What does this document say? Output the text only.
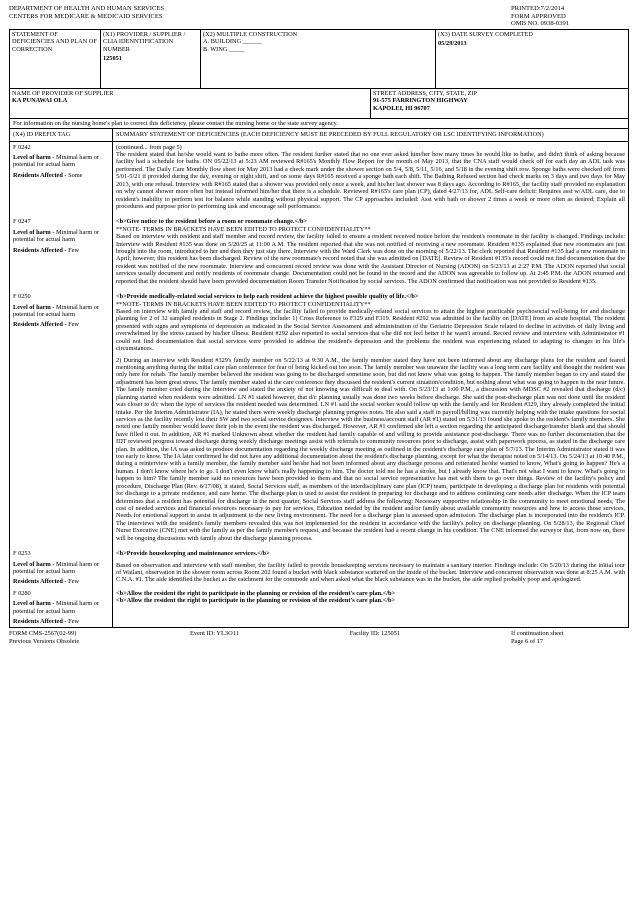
DEPARTMENT OF HEALTH AND HUMAN SERVICES
CENTERS FOR MEDICARE & MEDICAID SERVICES
PRINTED:7/2/2014
FORM APPROVED
OMB NO. 0938-0391
STATEMENT OF DEFICIENCIES AND PLAN OF CORRECTION
(X1) PROVIDER / SUPPLIER / CLIA IDENNTIFICATION NUMBER
125051
(X2) MULTIPLE CONSTRUCTION
A. BUILDING ______
B. WING _____
(X3) DATE SURVEY COMPLETED
05/29/2013
NAME OF PROVIDER OF SUPPLIER
KA PUNAWAI OLA
STREET ADDRESS, CITY, STATE, ZIP
91-575 FARRINGTON HIGHWAY
KAPOLEI, HI 96707
For information on the nursing home's plan to correct this deficiency, please contact the nursing home or the state survey agency.
(X4) ID PREFIX TAG	SUMMARY STATEMENT OF DEFICIENCIES (EACH DEFICIENCY MUST BE PRECEDED BY FULL REGULATORY OR LSC IDENTIFYING INFORMATION)
F 0242
Level of harm - Minimal harm or potential for actual harm
Residents Affected - Some
(continued... from page 5)
The resident stated that he/she would want to bathe more often. The resident further stated that no one ever asked him/her how many times he would like to bathe, and didn't think of asking because facility had a schedule for baths. ON 05/22/13 at 5:23 AM reviewed R#165's Monthly Flow Report for the month of May 2013, that the CNA staff would check off for each day an ADL task was performed. The Daily Care Monthly flow sheet for May 2013 had a check mark under the shower section on 5/4, 5/8, 5/11, 5/16, and 5/18 in the evening shift row. Sponge baths were checked off from 5/01-5/21 if provided during the day, evening or night shift, and on some days R#165 received a sponge bath each shift. The Bathing Refused section had check marks on 3 days and two days for May 2013, with one refusal. Interview with R#165 stated that a shower was provided only once a week, and his/her last shower was 8 days ago. According to R#165, the facility staff provided no explanation on why cannot shower more often but instead informed him/her that there is a schedule. Reviewed R#165's care plan (CP), dated 4/27/13 for, ADL Self-care deficit: Requires asst w/ADL care, due to resident's inability to perform test for balance while standing without physical support. The CP approaches included: Asst with bath or shower 2 times a week or more often as desired; Explain all procedures and purpose prior to performing task and encourage self performance.
F 0247
Level of harm - Minimal harm or potential for actual harm
Residents Affected - Few
<b>Give notice to the resident before a room or roommate change.</b>
**NOTE- TERMS IN BRACKETS HAVE BEEN EDITED TO PROTECT CONFIDENTIALITY**
Based on interview with resident and staff member and record review, the facility failed to ensure a resident received notice before the resident's roommate in the facility is changed. Findings include: Interview with Resident #135 was done on 5/20/25 at 11:00 A.M. The resident reported that she was not notified of receiving a new roommate. Resident #135 explained that new roommates are just brought into the room, introduced to her and then they just stay there. Interview with the Ward Clerk was done on the morning of 5/22/13. The clerk reported that Resident #135 had a new roommate in April; however, this resident has been discharged. Review of the new roommate's record noted that she was admitted on [DATE]. Review of Resident #135's record could not find documentation that the resident was notified of the new roommate. Interview and concurrent record review was done with the Assistant Director of Nursing (ADON) on 5/23/13 at 2:27 P.M. The ADON reported that social services usually document and notify residents of roommate change. Documentation could not be found in the record and the ADON was agreeable to follow up. At 2:45 P.M. the ADON returned and reported that the resident should have been provided documentation Room Transfer Notification by social services. The ADON confirmed that notification was not provided to Resident #135.
F 0250
Level of harm - Minimal harm or potential for actual harm
Residents Affected - Few
<b>Provide medically-related social services to help each resident achieve the highest possible quality of life.</b>
**NOTE- TERMS IN BRACKETS HAVE BEEN EDITED TO PROTECT CONFIDENTIALITY**
Based on interview with family and staff and record review, the facility failed to provide medically-related social services to attain the highest practicable psychosocial well-being for and discharge planning for 2 of 32 sampled residents in Stage 2. Findings include: 1) Cross Reference to F329 and F319. Resident #292 was admitted to the facility on [DATE] from an acute hospital. The resident presented with signs and symptoms of depression as indicated in the Social Service Assessment and administration of the Geriatric Depression Scale related to decline in activities of daily living and overwhelmed by the stress caused by his/her illness. Resident #292 also reported to social services that s/he did not feel better if he wasn't around. Record review and interview with Administrator #1 could not find documentation that social services were provided to address the resident's depression and the problems the resident was experiencing related to adapting to changes in his life's circumstances.
2) During an interview with Resident #329's family member on 5/22/13 at 9:30 A.M., the family member stated they have not been informed about any discharge plans for the resident and feared mentioning anything during the initial care plan conference for fear of being kicked out too soon. The family member was unaware the facility was a long term care facility and thought the resident was only here for rehab. The family member believed the resident was going to be discharged sometime soon, but did not know what was going to happen. The family member began to cry and stated the adjustment has been great stress. The family member stated at the care conference they discussed the resident's current situation/condition, but nothing about what was going to happen in the near future. The family member cried during the interview and stated the anxiety of not knowing was difficult to deal with. On 5/23/13 at 1:00 P.M., a discussion with MDSC #2 revealed that discharge (d/c) planning started when residents were admitted. LN #1 stated however, that d/c planning usually was done two weeks before discharge. She said the post-discharge plan was not done until the resident was closer to d/c when the type of services the resident needed was determined. LN #1 said the social worker would follow up with the family and for Resident #329, they already completed the initial intake. Per the Interim Administrator (IA), he stated there were weekly discharge planning progress notes. He also said a staff in payroll/billing was currently helping with the intake questions for social services as the facility recently lost their SW and two social service designees. Interview with the business/account staff (AR #1) stated on 5/31/13 found she spoke to the resident's family members. She noted one family member would leave their job in the event the resident was discharged. However, AR #1 confirmed she left a section regarding the anticipated discharge/transfer blank and that should have filled it out. In addition, AR #1 marked Unknown about whether the resident had family capable of and willing to provide assistance post-discharge. There was no further documentation that the IDT reviewed progress toward discharge during weekly discharge meetings assist with referrals to community resources prior to discharge, assist with paperwork process, as stated in the discharge care plan. In addition, the IA was asked to produce documentation regarding the weekly discharge meeting as outlined in the resident's discharge care plan of 5/7/13. The Interim Administrator stated it was too early to know. The IA later confirmed he did not have any additional documentation about the resident's discharge planning, except for what the therapist noted on 5/14/13. On 5/24/13 at 10:40 P.M., during a reinterview with a family member, the family member said he/she had not been informed about any discharge process and reiterated he/she wanted to know, What's going to happen? He's a human. I don't know where he's to go. I don't even know what's really happening to him. The doctor told me he has a stroke, but I already know that. That's not what I want to know. What's going to happen to him? The family member said no resources have been provided to them and that no social service representative has met with them to go over things. Review of the facility's policy and procedure, Discharge Plan (Rev. 6/17/08), it stated, Social Services staff, as members of the interdisciplinary care plan (ICP) team, participate in developing a discharge plan for residents with potential for discharge to a private residence, and care home. The discharge plan is used to assist the resident in preparing for discharge and to address continuing care needs after discharge. When the ICP team determines that a resident has potential for discharge in the next quarter, Social Services staff address the following: Necessary supportive relationship in the community to meet emotional needs, The cost of needed services and financial resources necessary to pay for services, Education needed by the resident and/or family about available community resources and how to access those services, Needs for emotional support to assist in adjustment to the new living environment. The need for a discharge plan is assessed upon admission. The discharge plan is incorporated into the resident's ICP. The interviews with the resident's family members revealed this was not implemented for the resident in accordance with the facility's policy on discharge planning. On 5/28/13, the Regional Chief Nurse Executive (CNE) met with the family as per the family member's request, and because the resident had a recent change in his condition. The CNE informed the surveyor that, from now on, there will be ongoing discussions with family about the discharge planning process.
F 0253
Level of harm - Minimal harm or potential for actual harm
Residents Affected - Few
<b>Provide housekeeping and maintenance services.</b>
Based on observation and interview with staff member, the facility failed to provide housekeeping services necessary to maintain a sanitary interior. Findings include: On 5/20/13 during the initial tour of Wailani, observation in the shower room across Room 202 found a bucket with black substance scattered on the inside of the bucket. Interview and concurrent observation was done at 8:25 A.M. with C.N.A. #1. The aide identified the bucket as the catchment for the commode and when asked what the black substance was in the bucket, the aide replied probably poop and apologized.
F 0280
Level of harm - Minimal harm or potential for actual harm
Residents Affected - Few
<b>Allow the resident the right to participate in the planning or revision of the resident's care plan.</b>
<b>Allow the resident the right to participate in the planning or revision of the resident's care plan.</b>
FORM CMS-2567(02-99)
Previous Versions Obsolete
Event ID: YL3O11	Facility ID: 125051	If continuation sheet
Page 6 of 17
